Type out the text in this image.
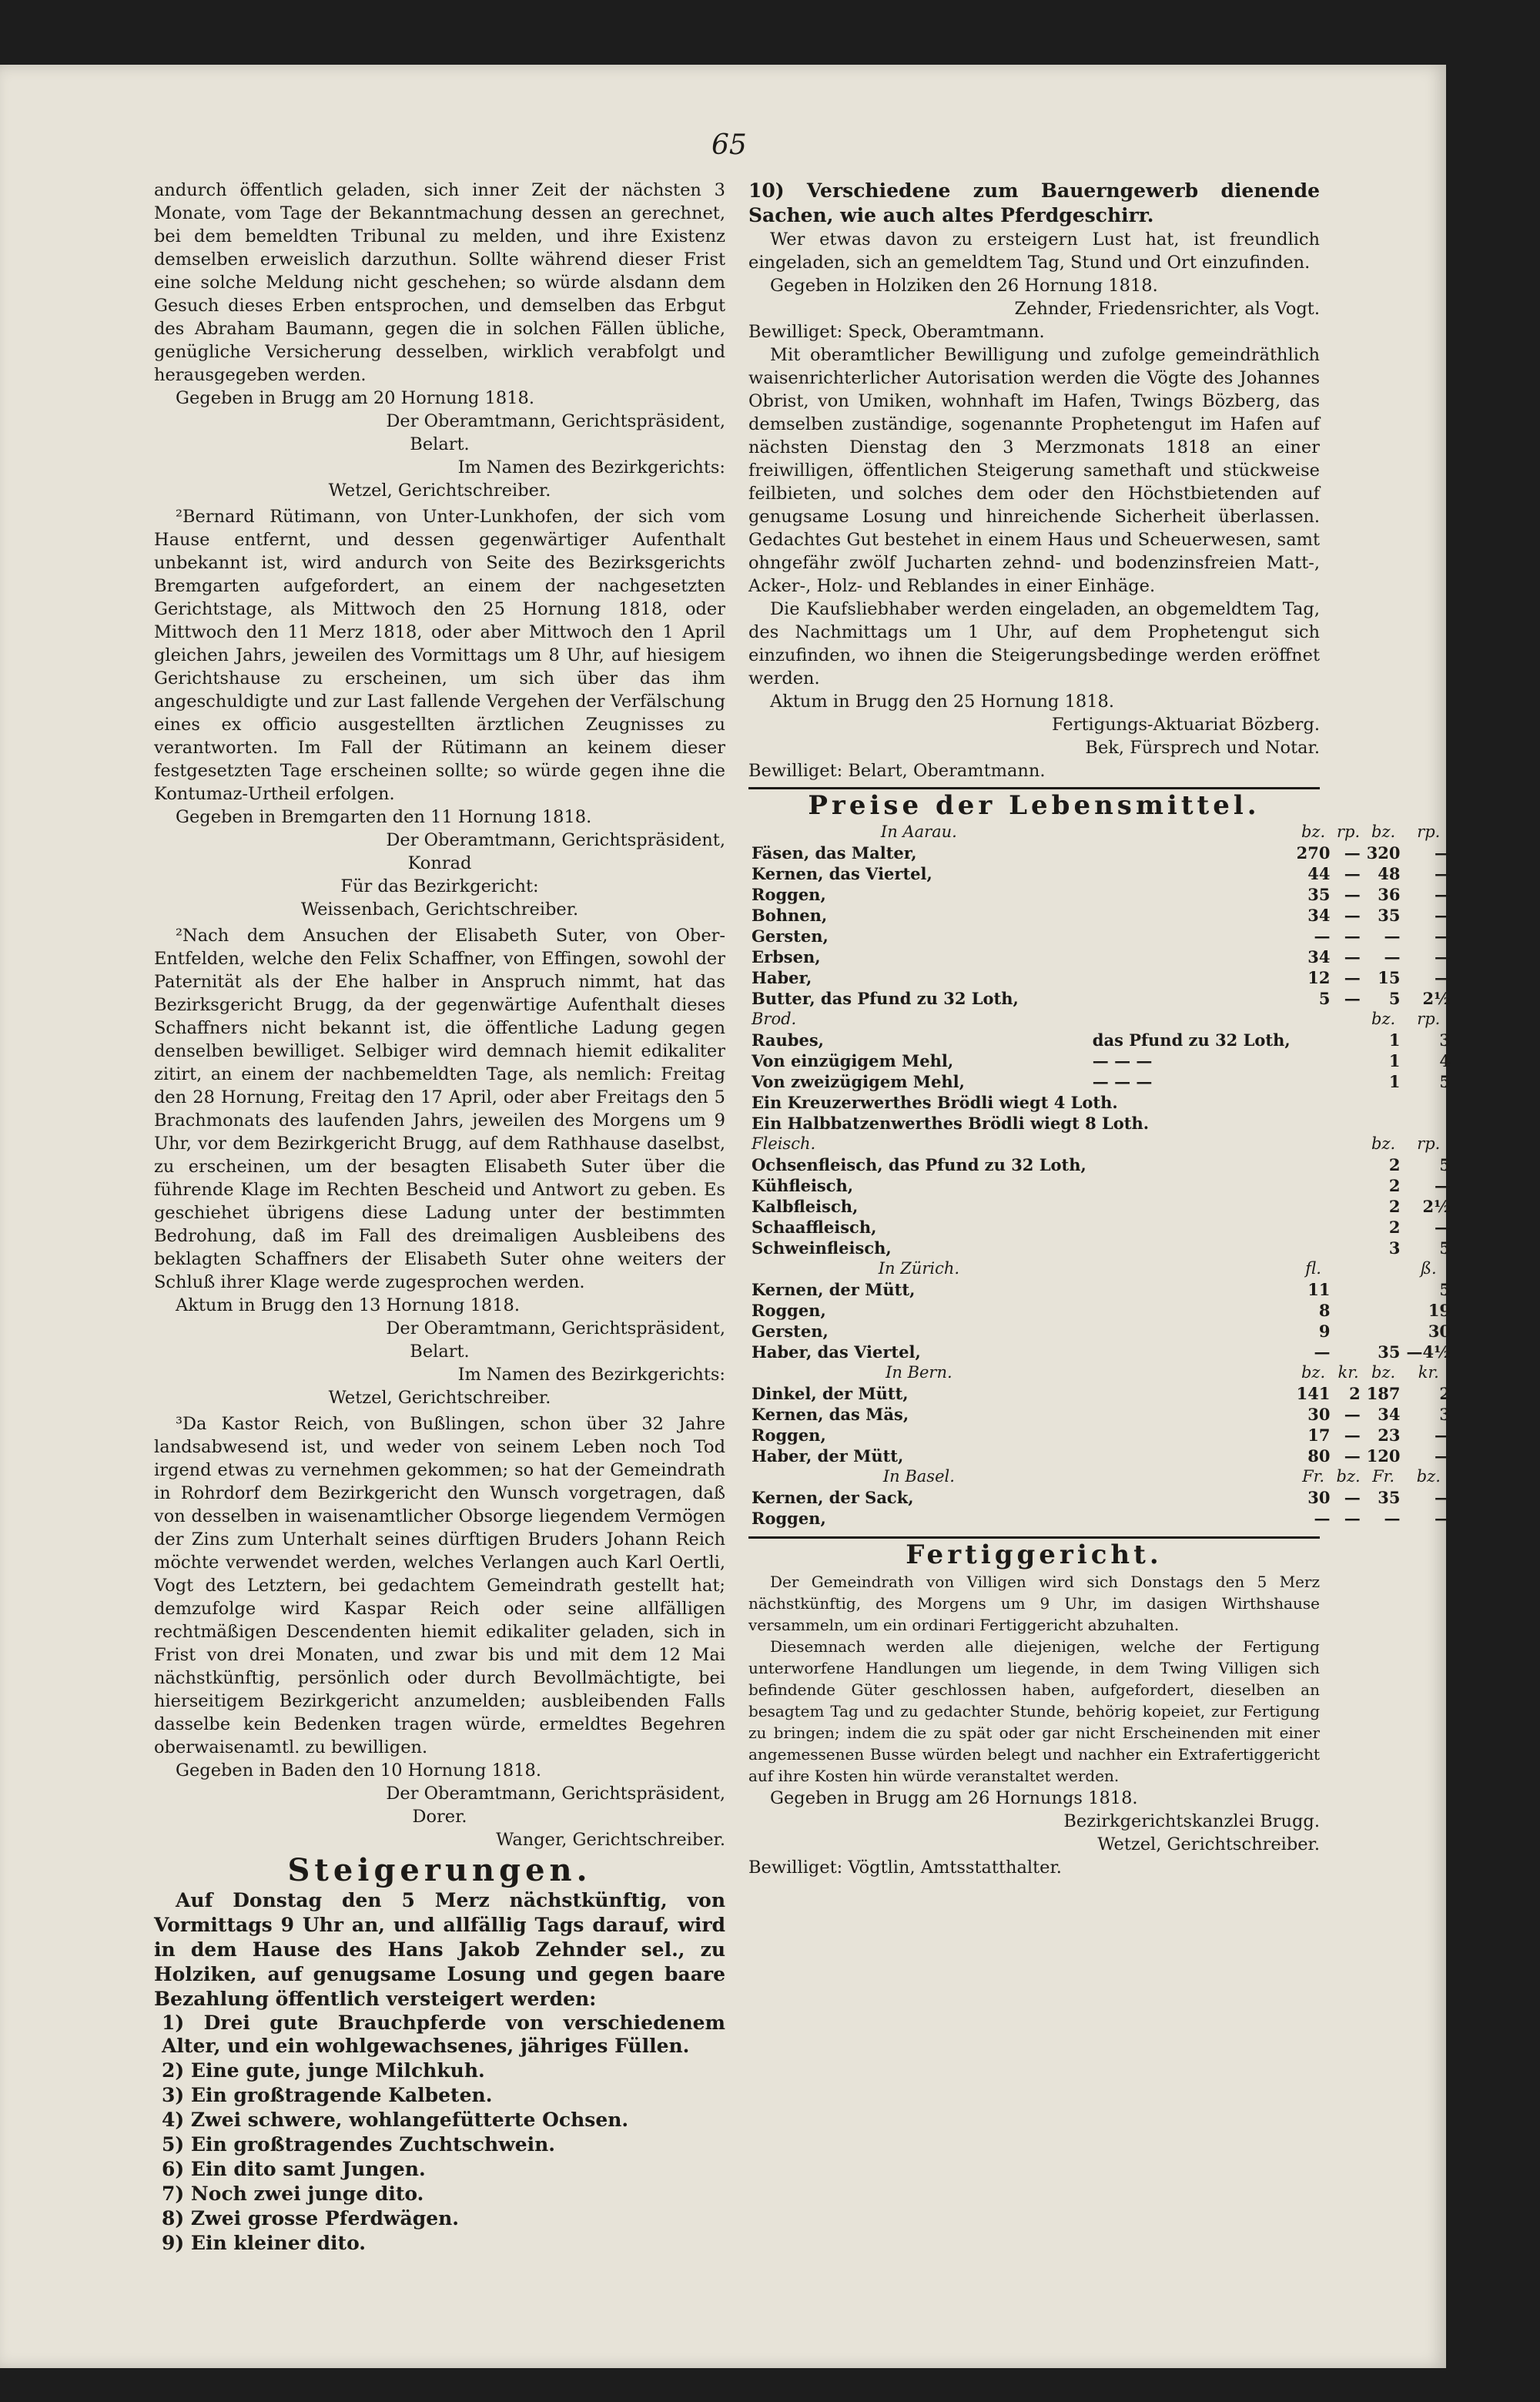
65

andurch öffentlich geladen, sich inner Zeit der nächsten 3 Monate, vom Tage der Bekanntmachung dessen an gerechnet, bei dem bemeldten Tribunal zu melden, und ihre Existenz demselben erweislich darzuthun. Sollte während dieser Frist eine solche Meldung nicht geschehen; so würde alsdann dem Gesuch dieses Erben entsprochen, und demselben das Erbgut des Abraham Baumann, gegen die in solchen Fällen übliche, genügliche Versicherung desselben, wirklich verabfolgt und herausgegeben werden.

Gegeben in Brugg am 20 Hornung 1818.

Der Oberamtmann, Gerichtspräsident,

Belart.

Im Namen des Bezirkgerichts:

Wetzel, Gerichtschreiber.

²Bernard Rütimann, von Unter-Lunkhofen, der sich vom Hause entfernt, und dessen gegenwärtiger Aufenthalt unbekannt ist, wird andurch von Seite des Bezirksgerichts Bremgarten aufgefordert, an einem der nachgesetzten Gerichtstage, als Mittwoch den 25 Hornung 1818, oder Mittwoch den 11 Merz 1818, oder aber Mittwoch den 1 April gleichen Jahrs, jeweilen des Vormittags um 8 Uhr, auf hiesigem Gerichtshause zu erscheinen, um sich über das ihm angeschuldigte und zur Last fallende Vergehen der Verfälschung eines ex officio ausgestellten ärztlichen Zeugnisses zu verantworten. Im Fall der Rütimann an keinem dieser festgesetzten Tage erscheinen sollte; so würde gegen ihne die Kontumaz-Urtheil erfolgen.

Gegeben in Bremgarten den 11 Hornung 1818.

Der Oberamtmann, Gerichtspräsident,

Konrad

Für das Bezirkgericht:

Weissenbach, Gerichtschreiber.

²Nach dem Ansuchen der Elisabeth Suter, von Ober-Entfelden, welche den Felix Schaffner, von Effingen, sowohl der Paternität als der Ehe halber in Anspruch nimmt, hat das Bezirksgericht Brugg, da der gegenwärtige Aufenthalt dieses Schaffners nicht bekannt ist, die öffentliche Ladung gegen denselben bewilliget. Selbiger wird demnach hiemit edikaliter zitirt, an einem der nachbemeldten Tage, als nemlich: Freitag den 28 Hornung, Freitag den 17 April, oder aber Freitags den 5 Brachmonats des laufenden Jahrs, jeweilen des Morgens um 9 Uhr, vor dem Bezirkgericht Brugg, auf dem Rathhause daselbst, zu erscheinen, um der besagten Elisabeth Suter über die führende Klage im Rechten Bescheid und Antwort zu geben. Es geschiehet übrigens diese Ladung unter der bestimmten Bedrohung, daß im Fall des dreimaligen Ausbleibens des beklagten Schaffners der Elisabeth Suter ohne weiters der Schluß ihrer Klage werde zugesprochen werden.

Aktum in Brugg den 13 Hornung 1818.

Der Oberamtmann, Gerichtspräsident,

Belart.

Im Namen des Bezirkgerichts:

Wetzel, Gerichtschreiber.

³Da Kastor Reich, von Bußlingen, schon über 32 Jahre landsabwesend ist, und weder von seinem Leben noch Tod irgend etwas zu vernehmen gekommen; so hat der Gemeindrath in Rohrdorf dem Bezirkgericht den Wunsch vorgetragen, daß von desselben in waisenamtlicher Obsorge liegendem Vermögen der Zins zum Unterhalt seines dürftigen Bruders Johann Reich möchte verwendet werden, welches Verlangen auch Karl Oertli, Vogt des Letztern, bei gedachtem Gemeindrath gestellt hat; demzufolge wird Kaspar Reich oder seine allfälligen rechtmäßigen Descendenten hiemit edikaliter geladen, sich in Frist von drei Monaten, und zwar bis und mit dem 12 Mai nächstkünftig, persönlich oder durch Bevollmächtigte, bei hierseitigem Bezirkgericht anzumelden; ausbleibenden Falls dasselbe kein Bedenken tragen würde, ermeldtes Begehren oberwaisenamtl. zu bewilligen.

Gegeben in Baden den 10 Hornung 1818.

Der Oberamtmann, Gerichtspräsident,

Dorer.

Wanger, Gerichtschreiber.

Steigerungen.

Auf Donstag den 5 Merz nächstkünftig, von Vormittags 9 Uhr an, und allfällig Tags darauf, wird in dem Hause des Hans Jakob Zehnder sel., zu Holziken, auf genugsame Losung und gegen baare Bezahlung öffentlich versteigert werden:

1) Drei gute Brauchpferde von verschiedenem Alter, und ein wohlgewachsenes, jähriges Füllen.

2) Eine gute, junge Milchkuh.

3) Ein großtragende Kalbeten.

4) Zwei schwere, wohlangefütterte Ochsen.

5) Ein großtragendes Zuchtschwein.

6) Ein dito samt Jungen.

7) Noch zwei junge dito.

8) Zwei grosse Pferdwägen.

9) Ein kleiner dito.

10) Verschiedene zum Bauerngewerb dienende Sachen, wie auch altes Pferdgeschirr.

Wer etwas davon zu ersteigern Lust hat, ist freundlich eingeladen, sich an gemeldtem Tag, Stund und Ort einzufinden.

Gegeben in Holziken den 26 Hornung 1818.

Zehnder, Friedensrichter, als Vogt.

Bewilliget: Speck, Oberamtmann.

Mit oberamtlicher Bewilligung und zufolge gemeindräthlich waisenrichterlicher Autorisation werden die Vögte des Johannes Obrist, von Umiken, wohnhaft im Hafen, Twings Bözberg, das demselben zuständige, sogenannte Prophetengut im Hafen auf nächsten Dienstag den 3 Merzmonats 1818 an einer freiwilligen, öffentlichen Steigerung samethaft und stückweise feilbieten, und solches dem oder den Höchstbietenden auf genugsame Losung und hinreichende Sicherheit überlassen. Gedachtes Gut bestehet in einem Haus und Scheuerwesen, samt ohngefähr zwölf Jucharten zehnd- und bodenzinsfreien Matt-, Acker-, Holz- und Reblandes in einer Einhäge.

Die Kaufsliebhaber werden eingeladen, an obgemeldtem Tag, des Nachmittags um 1 Uhr, auf dem Prophetengut sich einzufinden, wo ihnen die Steigerungsbedinge werden eröffnet werden.

Aktum in Brugg den 25 Hornung 1818.

Fertigungs-Aktuariat Bözberg.

Bek, Fürsprech und Notar.

Bewilliget: Belart, Oberamtmann.

Preise der Lebensmittel.
In Aarau.		bz.	rp.	bz.	rp.
Fäsen, das Malter,		270	—	320	—
Kernen, das Viertel,		44	—	48	—
Roggen,		35	—	36	—
Bohnen,		34	—	35	—
Gersten,		—	—	—	—
Erbsen,		34	—	—	—
Haber,		12	—	15	—
Butter, das Pfund zu 32 Loth,		5	—	5	2½
Brod.				bz.	rp.
Raubes,	das Pfund zu 32 Loth,			1	3
Von einzügigem Mehl,	— — —			1	4
Von zweizügigem Mehl,	— — —			1	5
Ein Kreuzerwerthes Brödli wiegt 4 Loth.					
Ein Halbbatzenwerthes Brödli wiegt 8 Loth.					
Fleisch.				bz.	rp.
Ochsenfleisch, das Pfund zu 32 Loth,				2	5
Kühfleisch,				2	—
Kalbfleisch,				2	2½
Schaaffleisch,				2	—
Schweinfleisch,				3	5
In Zürich.		fl.			ß.
Kernen, der Mütt,		11			5
Roggen,		8			19
Gersten,		9			30
Haber, das Viertel,		—		35	—4½
In Bern.		bz.	kr.	bz.	kr.
Dinkel, der Mütt,		141	2	187	2
Kernen, das Mäs,		30	—	34	3
Roggen,		17	—	23	—
Haber, der Mütt,		80	—	120	—
In Basel.		Fr.	bz.	Fr.	bz.
Kernen, der Sack,		30	—	35	—
Roggen,		—	—	—	—
Fertiggericht.

Der Gemeindrath von Villigen wird sich Donstags den 5 Merz nächstkünftig, des Morgens um 9 Uhr, im dasigen Wirthshause versammeln, um ein ordinari Fertiggericht abzuhalten.

Diesemnach werden alle diejenigen, welche der Fertigung unterworfene Handlungen um liegende, in dem Twing Villigen sich befindende Güter geschlossen haben, aufgefordert, dieselben an besagtem Tag und zu gedachter Stunde, behörig kopeiet, zur Fertigung zu bringen; indem die zu spät oder gar nicht Erscheinenden mit einer angemessenen Busse würden belegt und nachher ein Extrafertiggericht auf ihre Kosten hin würde veranstaltet werden.

Gegeben in Brugg am 26 Hornungs 1818.

Bezirkgerichtskanzlei Brugg.

Wetzel, Gerichtschreiber.

Bewilliget: Vögtlin, Amtsstatthalter.
